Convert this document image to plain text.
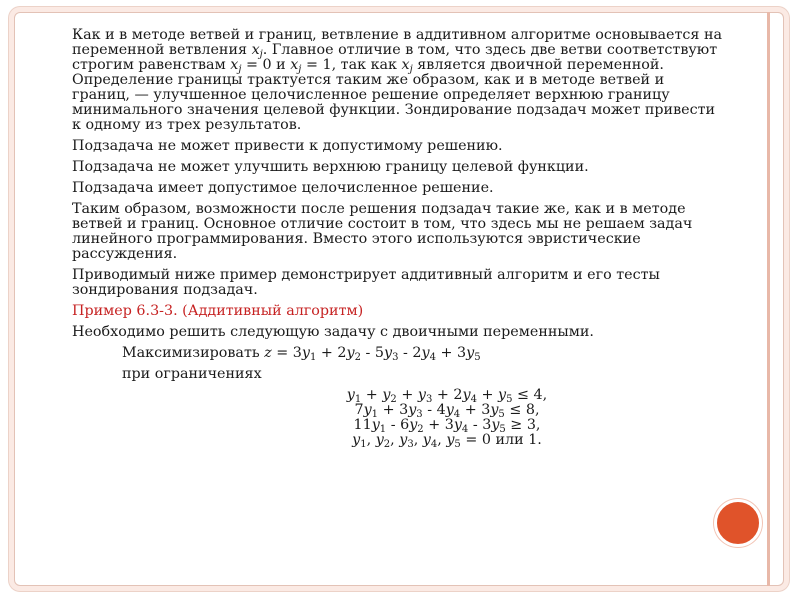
Как и в методе ветвей и границ, ветвление в аддитивном алгоритме основывается на переменной ветвления $x_j$. Главное отличие в том, что здесь две ветви соответствуют строгим равенствам $x_j = 0$ и $x_j = 1$, так как $x_j$ является двоичной переменной. Определение границы трактуется таким же образом, как и в методе ветвей и границ, — улучшенное целочисленное решение определяет верхнюю границу минимального значения целевой функции. Зондирование подзадач может привести к одному из трех результатов.

Подзадача не может привести к допустимому решению.

Подзадача не может улучшить верхнюю границу целевой функции.

Подзадача имеет допустимое целочисленное решение.

Таким образом, возможности после решения подзадач такие же, как и в методе ветвей и границ. Основное отличие состоит в том, что здесь мы не решаем задач линейного программирования. Вместо этого используются эвристические рассуждения.

Приводимый ниже пример демонстрирует аддитивный алгоритм и его тесты зондирования подзадач.

Пример 6.3-3. (Аддитивный алгоритм)

Необходимо решить следующую задачу с двоичными переменными.

Максимизировать $z = 3y_1 + 2y_2 - 5y_3 - 2y_4 + 3y_5$

при ограничениях

$y_1 + y_2 + y_3 + 2y_4 + y_5 \le 4$,

$7y_1 + 3y_3 - 4y_4 + 3y_5 \le 8$,

$11y_1 - 6y_2 + 3y_4 - 3y_5 \ge 3$,

$y_1$, $y_2$, $y_3$, $y_4$, $y_5 = 0$ или 1.
